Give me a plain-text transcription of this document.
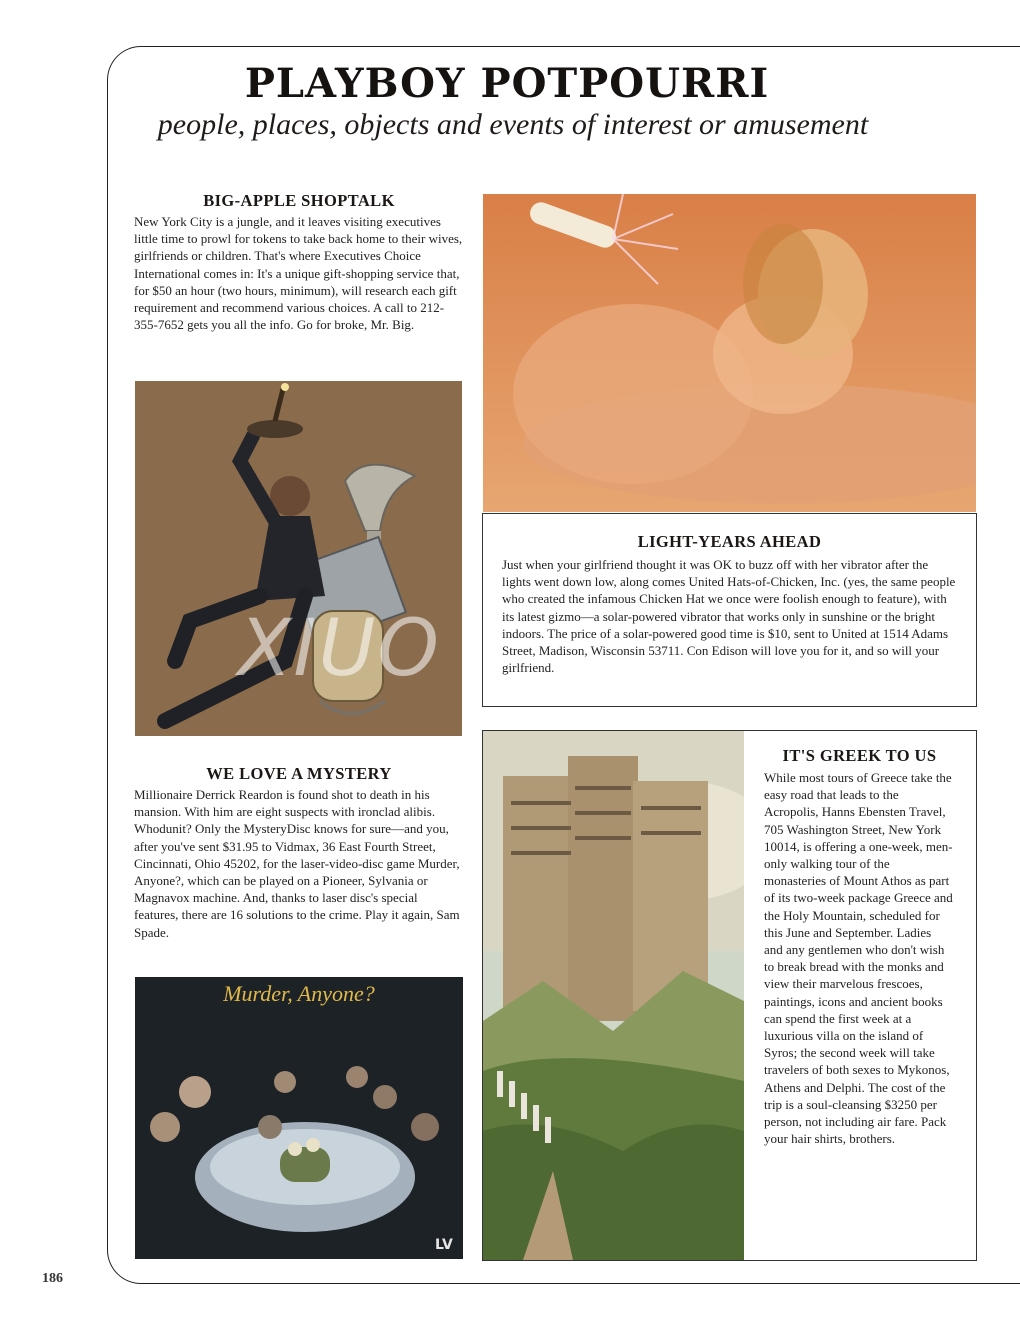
PLAYBOY POTPOURRI
people, places, objects and events of interest or amusement
BIG-APPLE SHOPTALK
New York City is a jungle, and it leaves visiting executives little time to prowl for tokens to take back home to their wives, girlfriends or children. That's where Executives Choice International comes in: It's a unique gift-shopping service that, for $50 an hour (two hours, minimum), will research each gift requirement and recommend various choices. A call to 212-355-7652 gets you all the info. Go for broke, Mr. Big.
LIGHT-YEARS AHEAD
Just when your girlfriend thought it was OK to buzz off with her vibrator after the lights went down low, along comes United Hats-of-Chicken, Inc. (yes, the same people who created the infamous Chicken Hat we once were foolish enough to feature), with its latest gizmo—a solar-powered vibrator that works only in sunshine or the bright indoors. The price of a solar-powered good time is $10, sent to United at 1514 Adams Street, Madison, Wisconsin 53711. Con Edison will love you for it, and so will your girlfriend.
WE LOVE A MYSTERY
Millionaire Derrick Reardon is found shot to death in his mansion. With him are eight suspects with ironclad alibis. Whodunit? Only the MysteryDisc knows for sure—and you, after you've sent $31.95 to Vidmax, 36 East Fourth Street, Cincinnati, Ohio 45202, for the laser-video-disc game Murder, Anyone?, which can be played on a Pioneer, Sylvania or Magnavox machine. And, thanks to laser disc's special features, there are 16 solutions to the crime. Play it again, Sam Spade.
LV
Murder, Anyone?
IT'S GREEK TO US
While most tours of Greece take the easy road that leads to the Acropolis, Hanns Ebensten Travel, 705 Washington Street, New York 10014, is offering a one-week, men-only walking tour of the monasteries of Mount Athos as part of its two-week package Greece and the Holy Mountain, scheduled for this June and September. Ladies and any gentlemen who don't wish to break bread with the monks and view their marvelous frescoes, paintings, icons and ancient books can spend the first week at a luxurious villa on the island of Syros; the second week will take travelers of both sexes to Mykonos, Athens and Delphi. The cost of the trip is a soul-cleansing $3250 per person, not including air fare. Pack your hair shirts, brothers.
XIUO
186
